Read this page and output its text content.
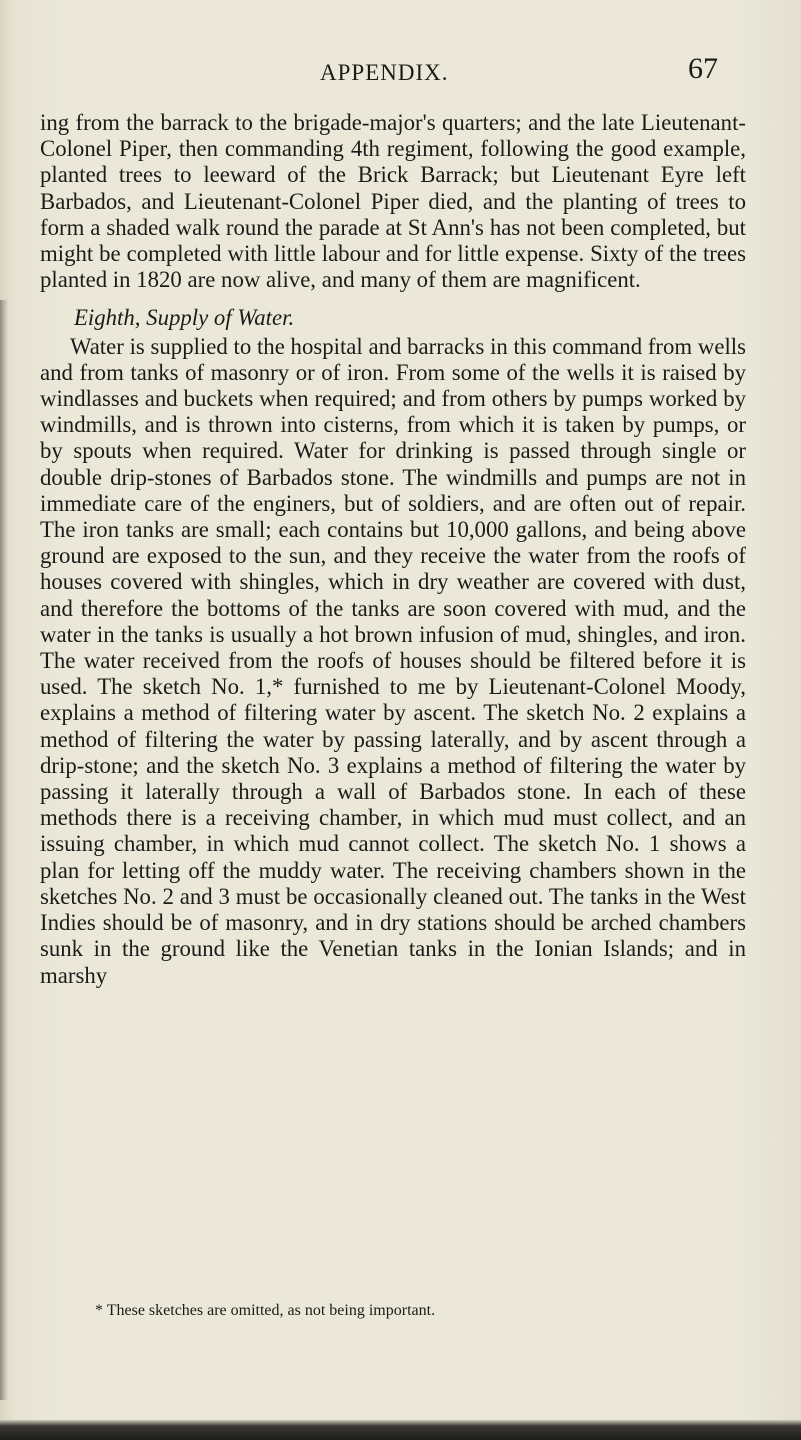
APPENDIX.	67

ing from the barrack to the brigade-major's quarters; and the late Lieutenant-Colonel Piper, then commanding 4th regiment, following the good example, planted trees to leeward of the Brick Barrack; but Lieutenant Eyre left Barbados, and Lieutenant-Colonel Piper died, and the planting of trees to form a shaded walk round the parade at St Ann's has not been completed, but might be completed with little labour and for little expense. Sixty of the trees planted in 1820 are now alive, and many of them are magnificent.

Eighth, Supply of Water.

Water is supplied to the hospital and barracks in this command from wells and from tanks of masonry or of iron. From some of the wells it is raised by windlasses and buckets when required; and from others by pumps worked by windmills, and is thrown into cisterns, from which it is taken by pumps, or by spouts when required. Water for drinking is passed through single or double drip-stones of Barbados stone. The windmills and pumps are not in immediate care of the enginers, but of soldiers, and are often out of repair. The iron tanks are small; each contains but 10,000 gallons, and being above ground are exposed to the sun, and they receive the water from the roofs of houses covered with shingles, which in dry weather are covered with dust, and therefore the bottoms of the tanks are soon covered with mud, and the water in the tanks is usually a hot brown infusion of mud, shingles, and iron. The water received from the roofs of houses should be filtered before it is used. The sketch No. 1,* furnished to me by Lieutenant-Colonel Moody, explains a method of filtering water by ascent. The sketch No. 2 explains a method of filtering the water by passing laterally, and by ascent through a drip-stone; and the sketch No. 3 explains a method of filtering the water by passing it laterally through a wall of Barbados stone. In each of these methods there is a receiving chamber, in which mud must collect, and an issuing chamber, in which mud cannot collect. The sketch No. 1 shows a plan for letting off the muddy water. The receiving chambers shown in the sketches No. 2 and 3 must be occasionally cleaned out. The tanks in the West Indies should be of masonry, and in dry stations should be arched chambers sunk in the ground like the Venetian tanks in the Ionian Islands; and in marshy

* These sketches are omitted, as not being important.
